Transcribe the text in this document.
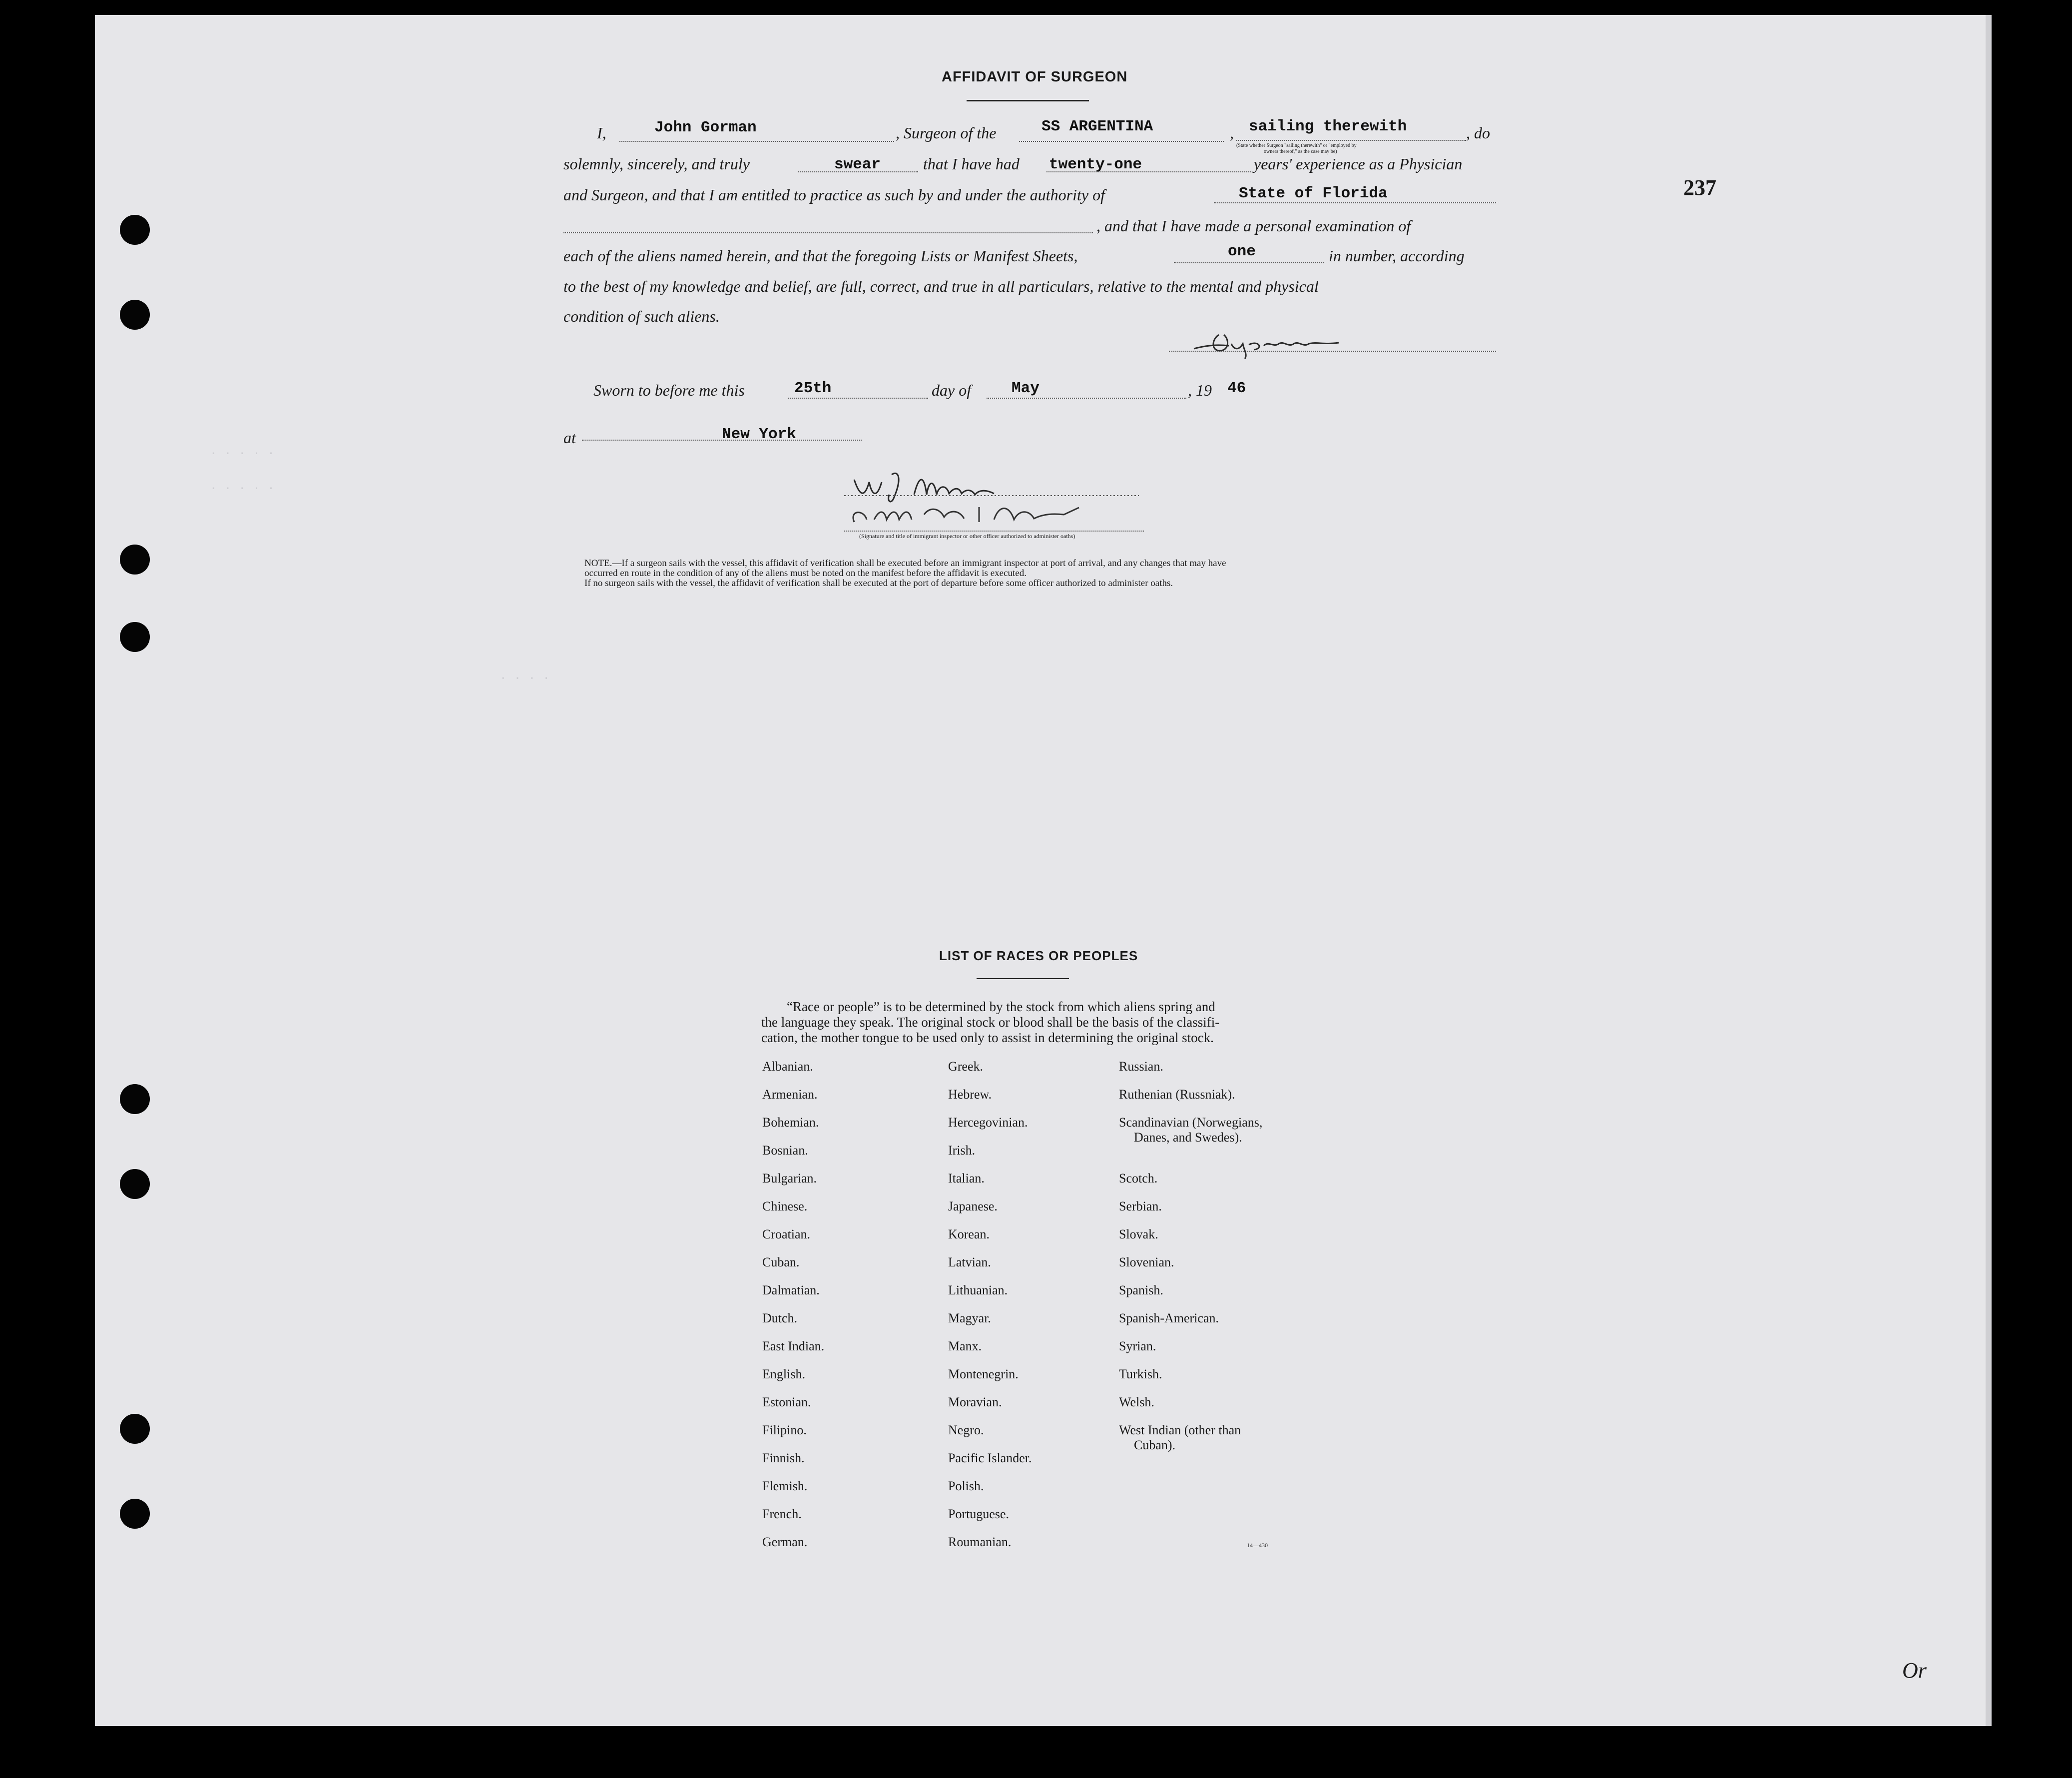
. . . . .
. . . . .
. . . .
AFFIDAVIT OF SURGEON
I,	John Gorman	, Surgeon of the	SS ARGENTINA	, sailing therewith	, do
(State whether Surgeon "sailing therewith" or "employed by
owners thereof," as the case may be)
solemnly, sincerely, and truly	swear	that I have had twenty-one	years' experience as a Physician
and Surgeon, and that I am entitled to practice as such by and under the authority of	State of Florida	237
, and that I have made a personal examination of
each of the aliens named herein, and that the foregoing Lists or Manifest Sheets,	one	in number, according
to the best of my knowledge and belief, are full, correct, and true in all particulars, relative to the mental and physical
condition of such aliens.
Sworn to before me this	25th	day of	May	, 19 46
at	New York
(Signature and title of immigrant inspector or other officer authorized to administer oaths)
NOTE.—If a surgeon sails with the vessel, this affidavit of verification shall be executed before an immigrant inspector at port of arrival, and any changes that may have
occurred en route in the condition of any of the aliens must be noted on the manifest before the affidavit is executed.
If no surgeon sails with the vessel, the affidavit of verification shall be executed at the port of departure before some officer authorized to administer oaths.
LIST OF RACES OR PEOPLES
“Race or people” is to be determined by the stock from which aliens spring and
the language they speak. The original stock or blood shall be the basis of the classifi-
cation, the mother tongue to be used only to assist in determining the original stock.
Albanian.
Armenian.
Bohemian.
Bosnian.
Bulgarian.
Chinese.
Croatian.
Cuban.
Dalmatian.
Dutch.
East Indian.
English.
Estonian.
Filipino.
Finnish.
Flemish.
French.
German.
Greek.
Hebrew.
Hercegovinian.
Irish.
Italian.
Japanese.
Korean.
Latvian.
Lithuanian.
Magyar.
Manx.
Montenegrin.
Moravian.
Negro.
Pacific Islander.
Polish.
Portuguese.
Roumanian.
Russian.
Ruthenian (Russniak).
Scandinavian (Norwegians,
Danes, and Swedes).
Scotch.
Serbian.
Slovak.
Slovenian.
Spanish.
Spanish-American.
Syrian.
Turkish.
Welsh.
West Indian (other than
Cuban).
14—430
Or
